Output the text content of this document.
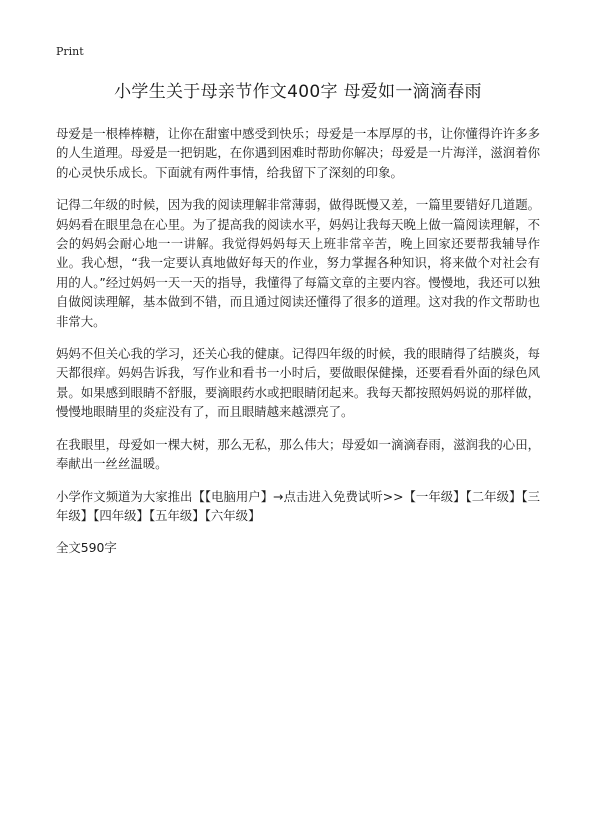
Print
小学生关于母亲节作文400字 母爱如一滴滴春雨

母爱是一根棒棒糖，让你在甜蜜中感受到快乐；母爱是一本厚厚的书，让你懂得许许多多的人生道理。母爱是一把钥匙，在你遇到困难时帮助你解决；母爱是一片海洋，滋润着你的心灵快乐成长。下面就有两件事情，给我留下了深刻的印象。

记得二年级的时候，因为我的阅读理解非常薄弱，做得既慢又差，一篇里要错好几道题。妈妈看在眼里急在心里。为了提高我的阅读水平，妈妈让我每天晚上做一篇阅读理解，不会的妈妈会耐心地一一讲解。我觉得妈妈每天上班非常辛苦，晚上回家还要帮我辅导作业。我心想，“我一定要认真地做好每天的作业，努力掌握各种知识，将来做个对社会有用的人。”经过妈妈一天一天的指导，我懂得了每篇文章的主要内容。慢慢地，我还可以独自做阅读理解，基本做到不错，而且通过阅读还懂得了很多的道理。这对我的作文帮助也非常大。

妈妈不但关心我的学习，还关心我的健康。记得四年级的时候，我的眼睛得了结膜炎，每天都很痒。妈妈告诉我，写作业和看书一小时后，要做眼保健操，还要看看外面的绿色风景。如果感到眼睛不舒服，要滴眼药水或把眼睛闭起来。我每天都按照妈妈说的那样做，慢慢地眼睛里的炎症没有了，而且眼睛越来越漂亮了。

在我眼里，母爱如一棵大树，那么无私，那么伟大；母爱如一滴滴春雨，滋润我的心田，奉献出一丝丝温暖。

小学作文频道为大家推出【【电脑用户】→点击进入免费试听>>【一年级】【二年级】【三年级】【四年级】【五年级】【六年级】

全文590字
